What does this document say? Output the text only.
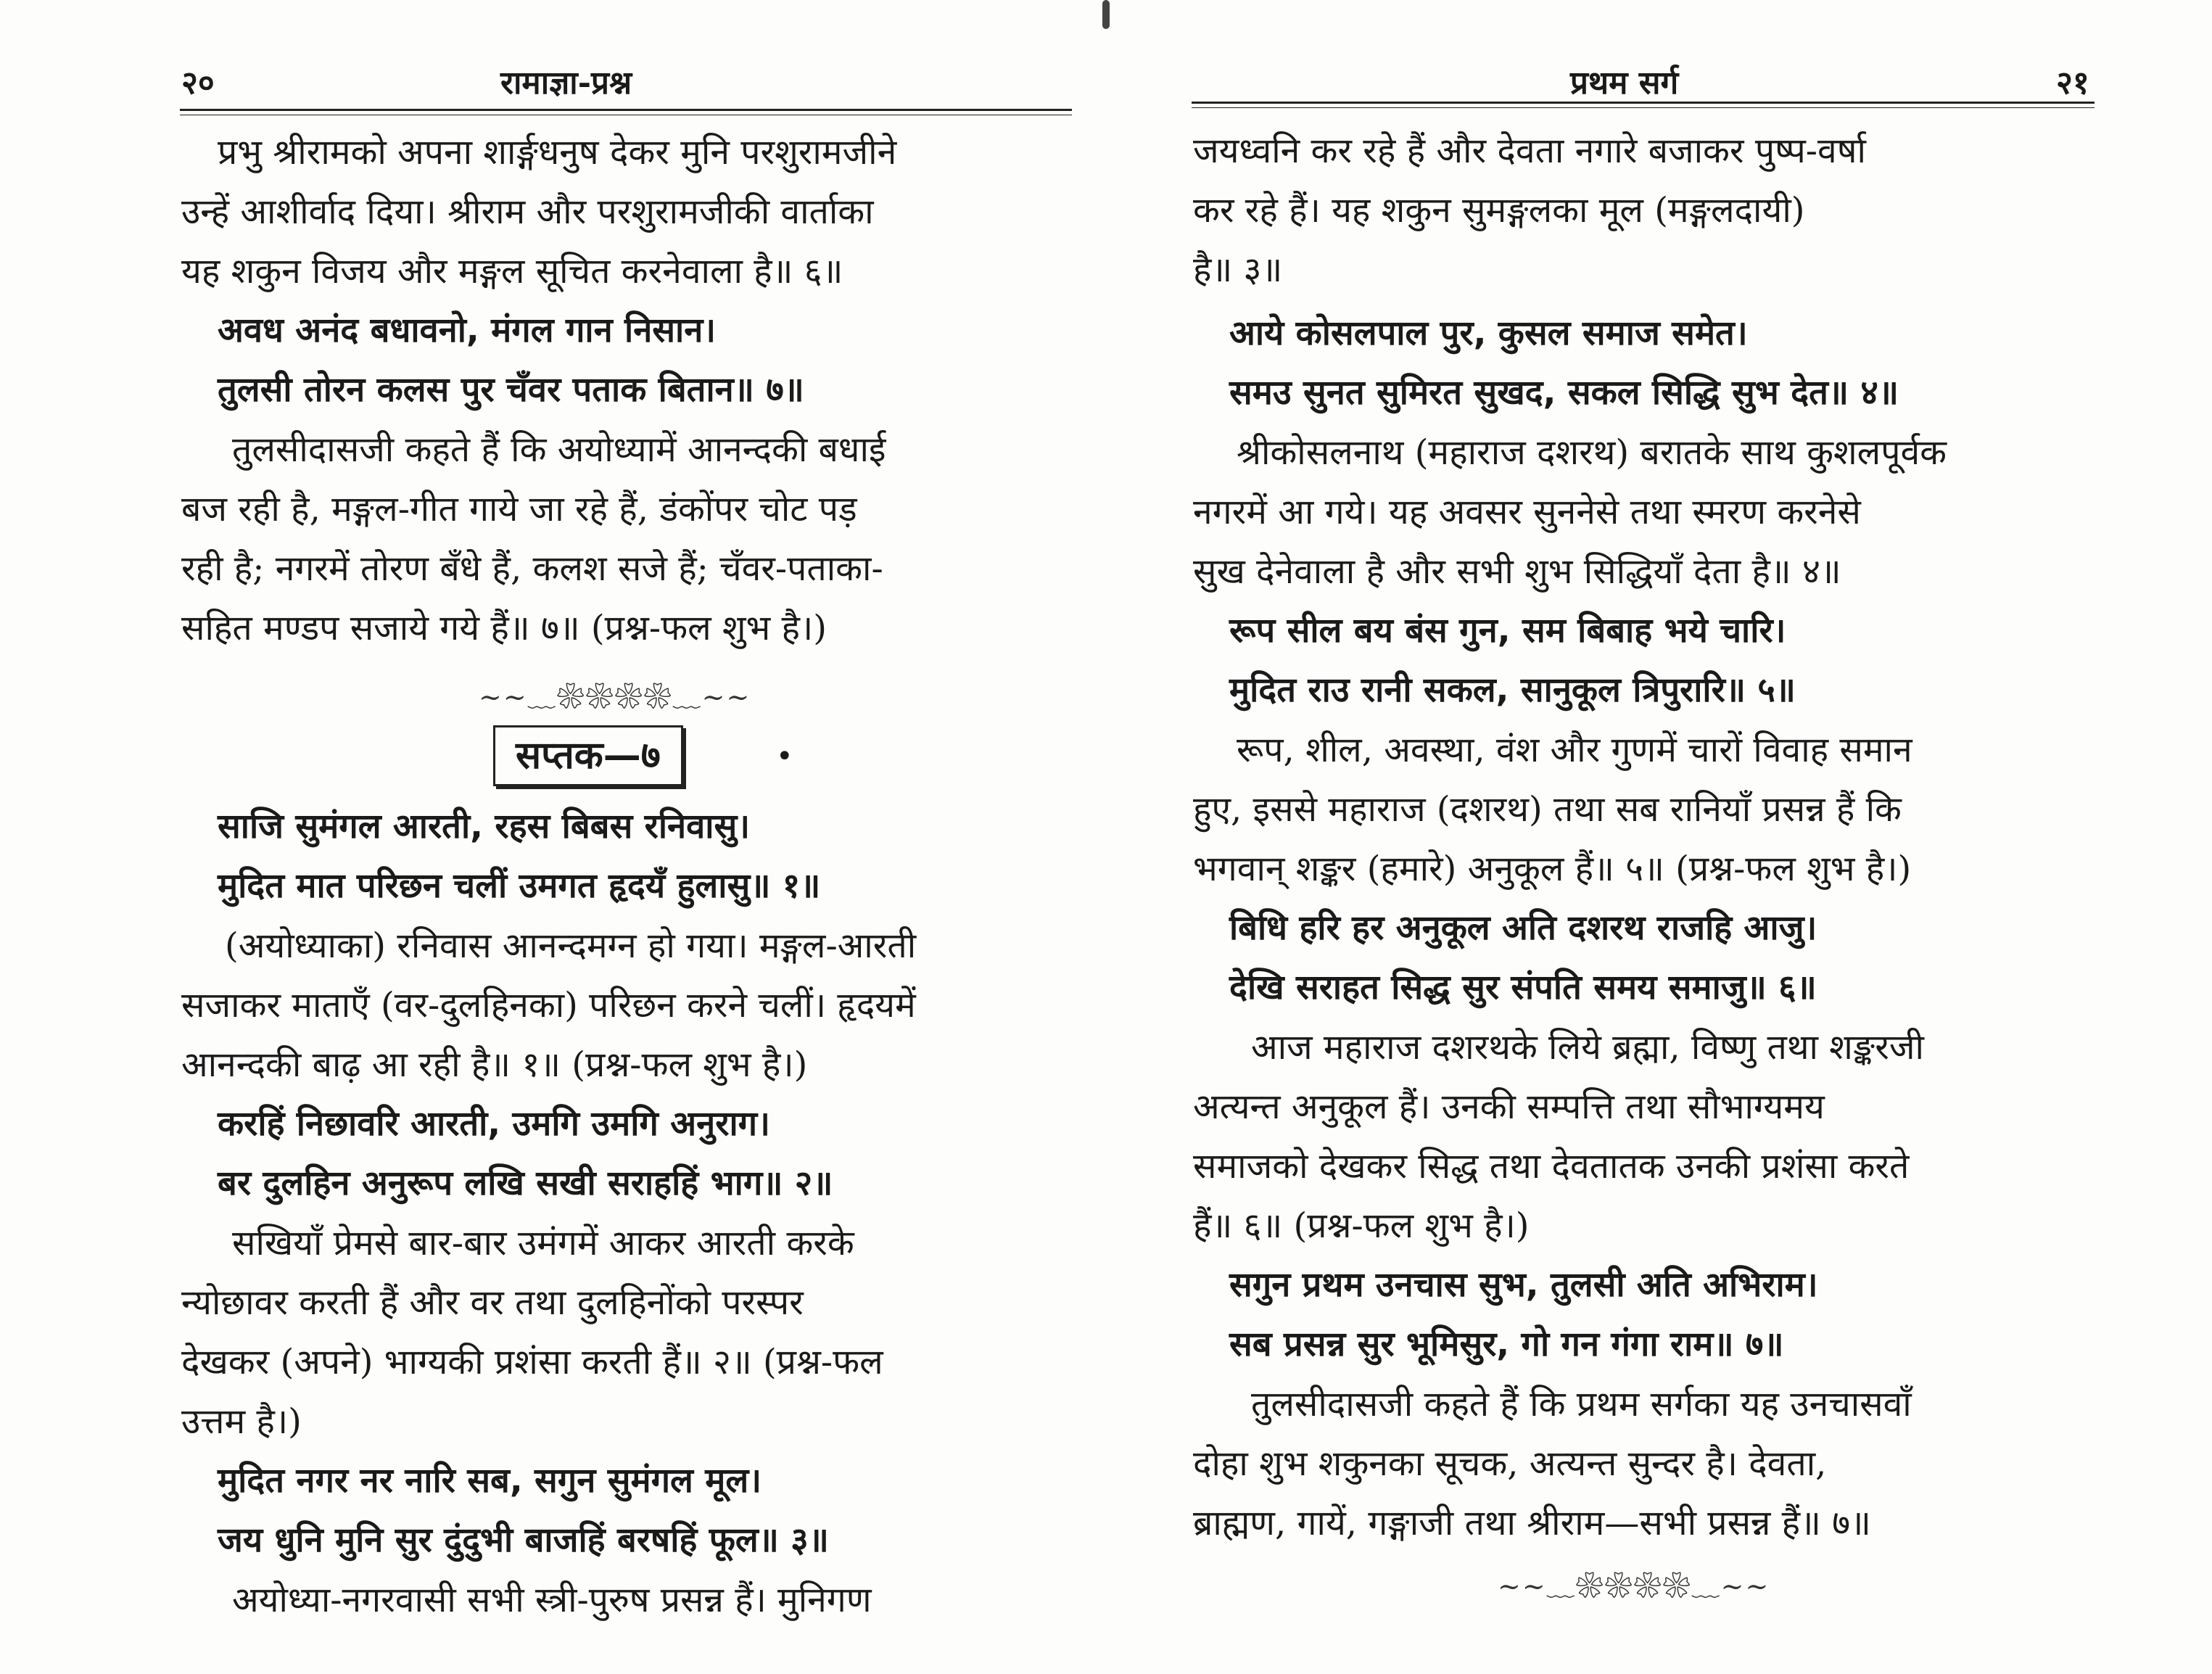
२०	रामाज्ञा-प्रश्न
प्रभु श्रीरामको अपना शार्ङ्गधनुष देकर मुनि परशुरामजीने
उन्हें आशीर्वाद दिया। श्रीराम और परशुरामजीकी वार्ताका
यह शकुन विजय और मङ्गल सूचित करनेवाला है॥ ६॥
अवध अनंद बधावनो, मंगल गान निसान।
तुलसी तोरन कलस पुर चँवर पताक बितान॥ ७॥
तुलसीदासजी कहते हैं कि अयोध्यामें आनन्दकी बधाई
बज रही है, मङ्गल-गीत गाये जा रहे हैं, डंकोंपर चोट पड़
रही है; नगरमें तोरण बँधे हैं, कलश सजे हैं; चँवर-पताका-
सहित मण्डप सजाये गये हैं॥ ७॥ (प्रश्न-फल शुभ है।)
~~﹏❀❀❀❀﹏~~
सप्तक—७	•
साजि सुमंगल आरती, रहस बिबस रनिवासु।
मुदित मात परिछन चलीं उमगत हृदयँ हुलासु॥ १॥
(अयोध्याका) रनिवास आनन्दमग्न हो गया। मङ्गल-आरती
सजाकर माताएँ (वर-दुलहिनका) परिछन करने चलीं। हृदयमें
आनन्दकी बाढ़ आ रही है॥ १॥ (प्रश्न-फल शुभ है।)
करहिं निछावरि आरती, उमगि उमगि अनुराग।
बर दुलहिन अनुरूप लखि सखी सराहहिं भाग॥ २॥
सखियाँ प्रेमसे बार-बार उमंगमें आकर आरती करके
न्योछावर करती हैं और वर तथा दुलहिनोंको परस्पर
देखकर (अपने) भाग्यकी प्रशंसा करती हैं॥ २॥ (प्रश्न-फल
उत्तम है।)
मुदित नगर नर नारि सब, सगुन सुमंगल मूल।
जय धुनि मुनि सुर दुंदुभी बाजहिं बरषहिं फूल॥ ३॥
अयोध्या-नगरवासी सभी स्त्री-पुरुष प्रसन्न हैं। मुनिगण
प्रथम सर्ग	२१
जयध्वनि कर रहे हैं और देवता नगारे बजाकर पुष्प-वर्षा
कर रहे हैं। यह शकुन सुमङ्गलका मूल (मङ्गलदायी)
है॥ ३॥
आये कोसलपाल पुर, कुसल समाज समेत।
समउ सुनत सुमिरत सुखद, सकल सिद्धि सुभ देत॥ ४॥
श्रीकोसलनाथ (महाराज दशरथ) बरातके साथ कुशलपूर्वक
नगरमें आ गये। यह अवसर सुननेसे तथा स्मरण करनेसे
सुख देनेवाला है और सभी शुभ सिद्धियाँ देता है॥ ४॥
रूप सील बय बंस गुन, सम बिबाह भये चारि।
मुदित राउ रानी सकल, सानुकूल त्रिपुरारि॥ ५॥
रूप, शील, अवस्था, वंश और गुणमें चारों विवाह समान
हुए, इससे महाराज (दशरथ) तथा सब रानियाँ प्रसन्न हैं कि
भगवान् शङ्कर (हमारे) अनुकूल हैं॥ ५॥ (प्रश्न-फल शुभ है।)
बिधि हरि हर अनुकूल अति दशरथ राजहि आजु।
देखि सराहत सिद्ध सुर संपति समय समाजु॥ ६॥
आज महाराज दशरथके लिये ब्रह्मा, विष्णु तथा शङ्करजी
अत्यन्त अनुकूल हैं। उनकी सम्पत्ति तथा सौभाग्यमय
समाजको देखकर सिद्ध तथा देवतातक उनकी प्रशंसा करते
हैं॥ ६॥ (प्रश्न-फल शुभ है।)
सगुन प्रथम उनचास सुभ, तुलसी अति अभिराम।
सब प्रसन्न सुर भूमिसुर, गो गन गंगा राम॥ ७॥
तुलसीदासजी कहते हैं कि प्रथम सर्गका यह उनचासवाँ
दोहा शुभ शकुनका सूचक, अत्यन्त सुन्दर है। देवता,
ब्राह्मण, गायें, गङ्गाजी तथा श्रीराम—सभी प्रसन्न हैं॥ ७॥
~~﹏❀❀❀❀﹏~~
